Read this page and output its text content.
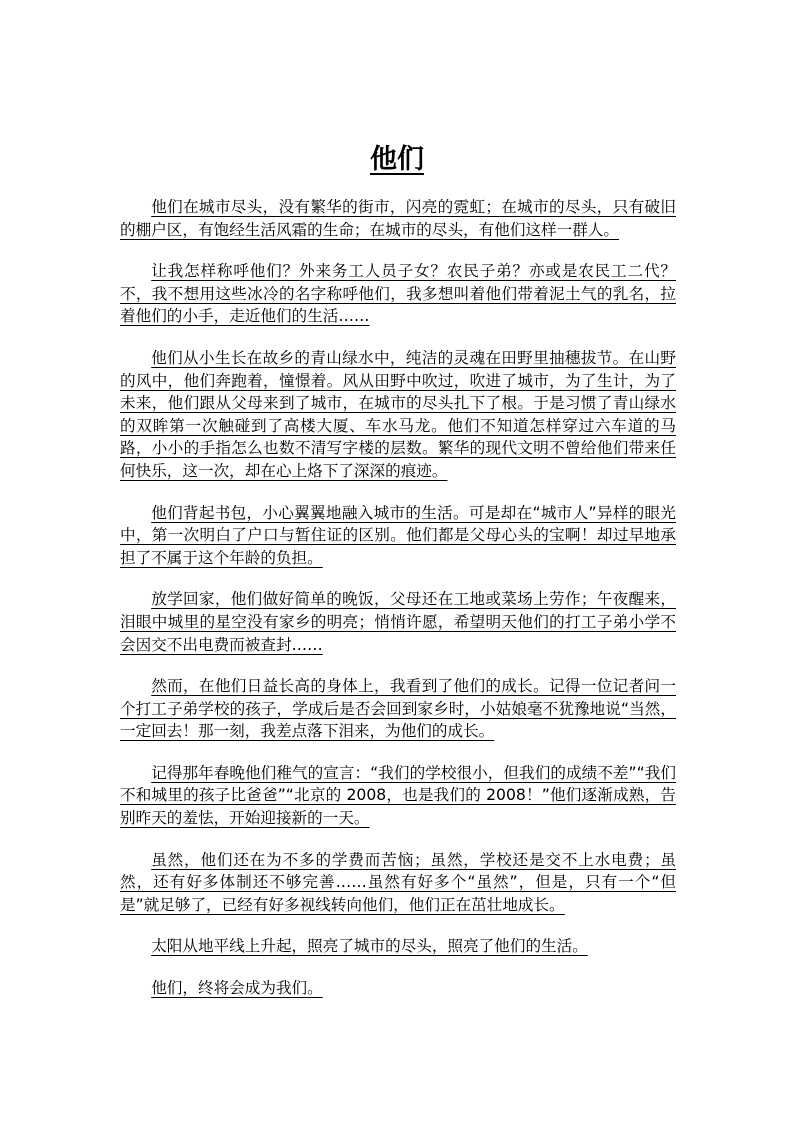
他们

他们在城市尽头，没有繁华的街市，闪亮的霓虹；在城市的尽头，只有破旧的棚户区，有饱经生活风霜的生命；在城市的尽头，有他们这样一群人。

让我怎样称呼他们？外来务工人员子女？农民子弟？亦或是农民工二代？不，我不想用这些冰冷的名字称呼他们，我多想叫着他们带着泥土气的乳名，拉着他们的小手，走近他们的生活……

他们从小生长在故乡的青山绿水中，纯洁的灵魂在田野里抽穗拔节。在山野的风中，他们奔跑着，憧憬着。风从田野中吹过，吹进了城市，为了生计，为了未来，他们跟从父母来到了城市，在城市的尽头扎下了根。于是习惯了青山绿水的双眸第一次触碰到了高楼大厦、车水马龙。他们不知道怎样穿过六车道的马路，小小的手指怎么也数不清写字楼的层数。繁华的现代文明不曾给他们带来任何快乐，这一次，却在心上烙下了深深的痕迹。

他们背起书包，小心翼翼地融入城市的生活。可是却在“城市人”异样的眼光中，第一次明白了户口与暂住证的区别。他们都是父母心头的宝啊！却过早地承担了不属于这个年龄的负担。

放学回家，他们做好简单的晚饭，父母还在工地或菜场上劳作；午夜醒来，泪眼中城里的星空没有家乡的明亮；悄悄许愿，希望明天他们的打工子弟小学不会因交不出电费而被查封……

然而，在他们日益长高的身体上，我看到了他们的成长。记得一位记者问一个打工子弟学校的孩子，学成后是否会回到家乡时，小姑娘毫不犹豫地说“当然，一定回去！那一刻，我差点落下泪来，为他们的成长。

记得那年春晚他们稚气的宣言：“我们的学校很小，但我们的成绩不差”“我们不和城里的孩子比爸爸”“北京的 2008，也是我们的 2008！”他们逐渐成熟，告别昨天的羞怯，开始迎接新的一天。

虽然，他们还在为不多的学费而苦恼；虽然，学校还是交不上水电费；虽然，还有好多体制还不够完善……虽然有好多个“虽然”，但是，只有一个“但是”就足够了，已经有好多视线转向他们，他们正在茁壮地成长。

太阳从地平线上升起，照亮了城市的尽头，照亮了他们的生活。

他们，终将会成为我们。
